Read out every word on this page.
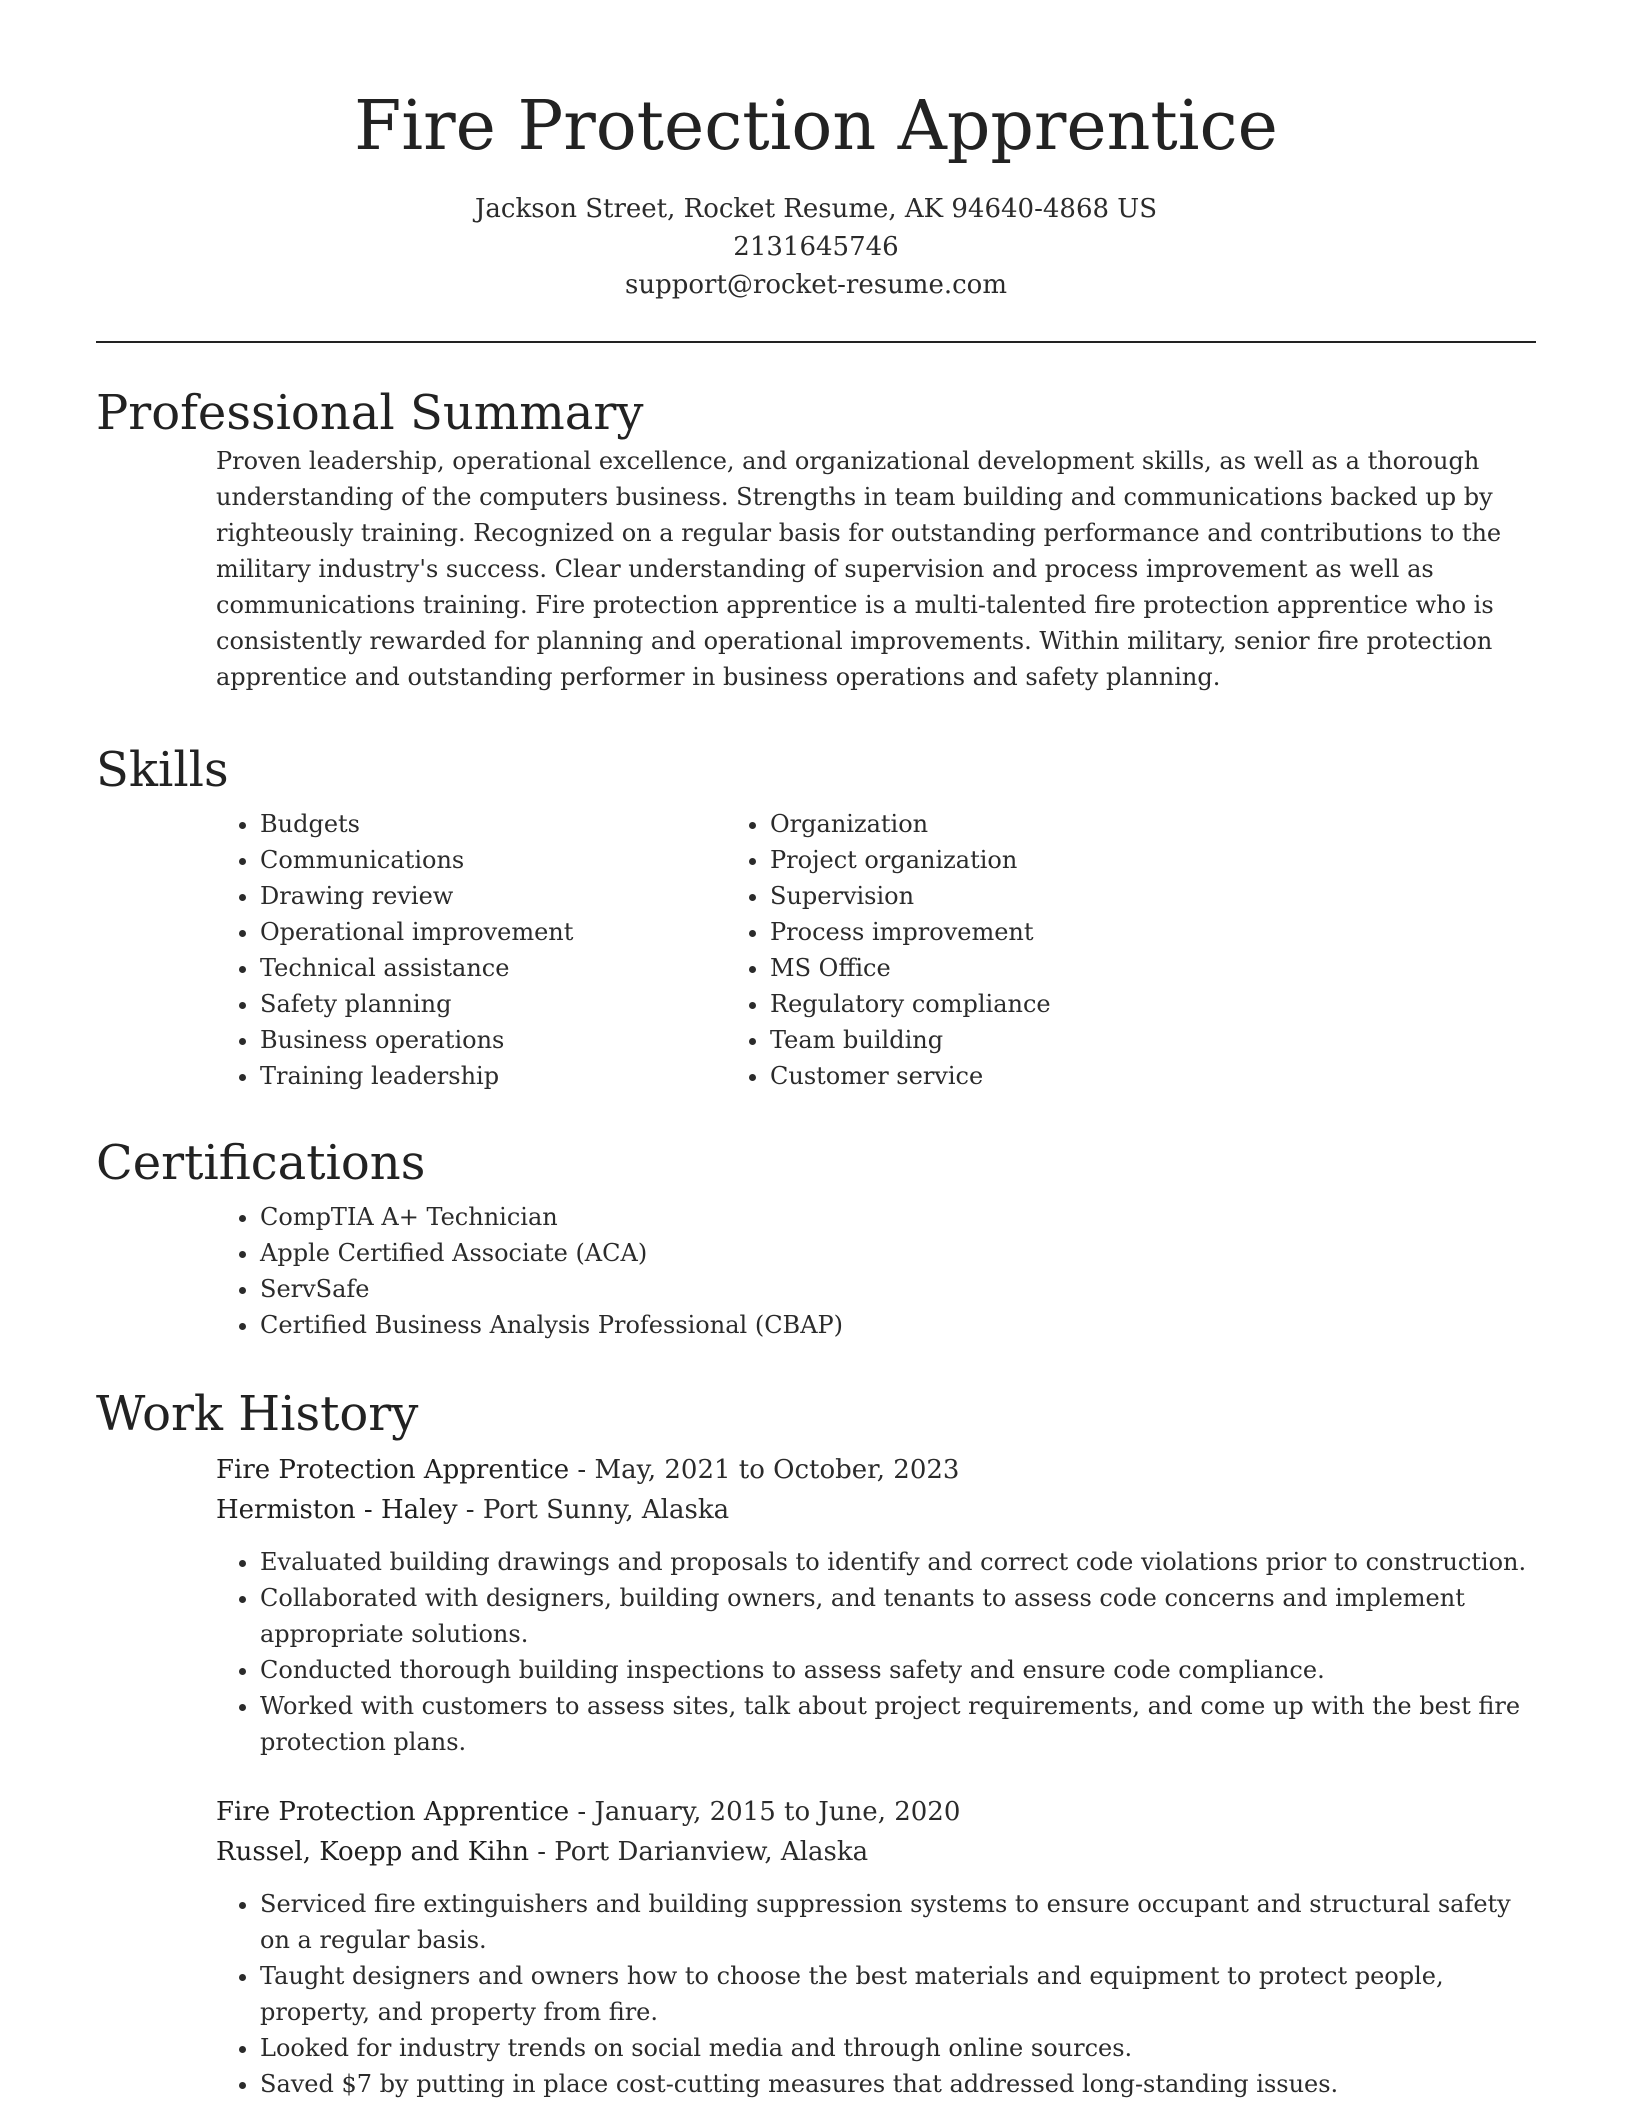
Fire Protection Apprentice
Jackson Street, Rocket Resume, AK 94640-4868 US
2131645746
support@rocket-resume.com
Professional Summary

Proven leadership, operational excellence, and organizational development skills, as well as a thorough understanding of the computers business. Strengths in team building and communications backed up by righteously training. Recognized on a regular basis for outstanding performance and contributions to the military industry's success. Clear understanding of supervision and process improvement as well as communications training. Fire protection apprentice is a multi-talented fire protection apprentice who is consistently rewarded for planning and operational improvements. Within military, senior fire protection apprentice and outstanding performer in business operations and safety planning.

Skills
• Budgets
• Communications
• Drawing review
• Operational improvement
• Technical assistance
• Safety planning
• Business operations
• Training leadership
• Organization
• Project organization
• Supervision
• Process improvement
• MS Office
• Regulatory compliance
• Team building
• Customer service
Certifications
• CompTIA A+ Technician
• Apple Certified Associate (ACA)
• ServSafe
• Certified Business Analysis Professional (CBAP)
Work History
Fire Protection Apprentice - May, 2021 to October, 2023
Hermiston - Haley - Port Sunny, Alaska
• Evaluated building drawings and proposals to identify and correct code violations prior to construction.
• Collaborated with designers, building owners, and tenants to assess code concerns and implement appropriate solutions.
• Conducted thorough building inspections to assess safety and ensure code compliance.
• Worked with customers to assess sites, talk about project requirements, and come up with the best fire protection plans.
Fire Protection Apprentice - January, 2015 to June, 2020
Russel, Koepp and Kihn - Port Darianview, Alaska
• Serviced fire extinguishers and building suppression systems to ensure occupant and structural safety on a regular basis.
• Taught designers and owners how to choose the best materials and equipment to protect people, property, and property from fire.
• Looked for industry trends on social media and through online sources.
• Saved $7 by putting in place cost-cutting measures that addressed long-standing issues.
